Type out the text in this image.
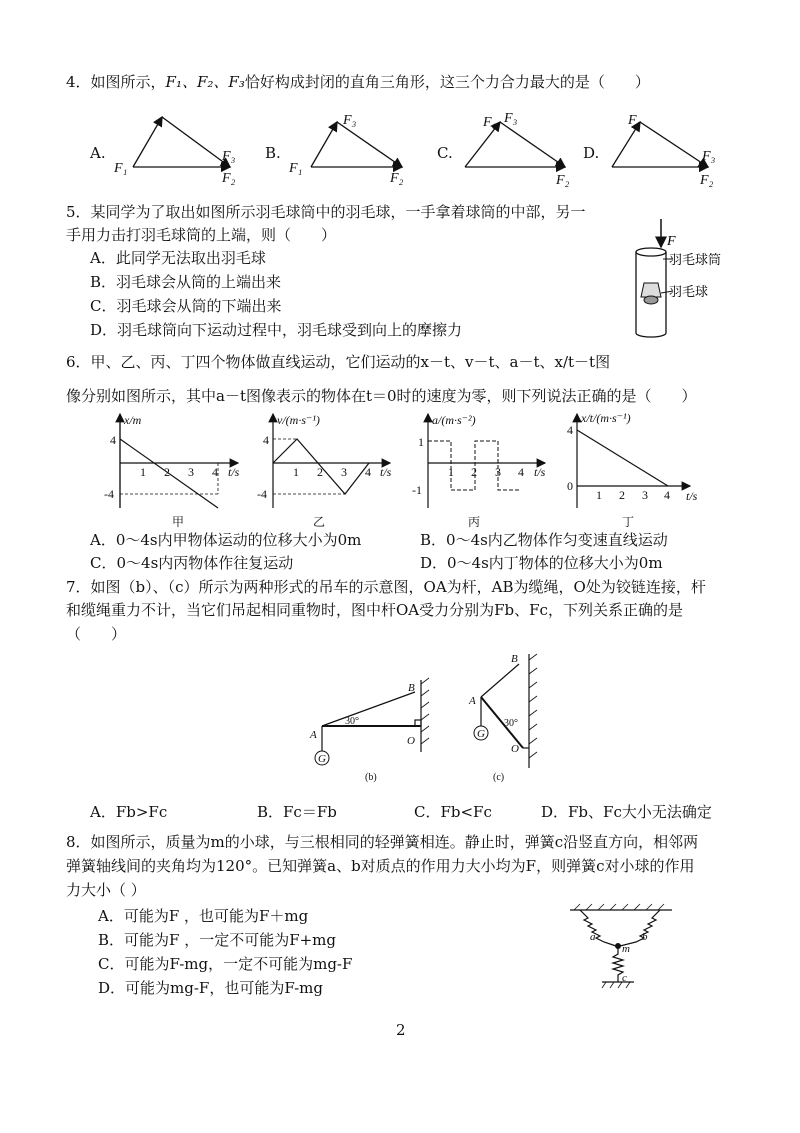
4．如图所示，F₁、F₂、F₃恰好构成封闭的直角三角形，这三个力合力最大的是（　　）
A.	B.	C.	D.
F₁
F₃
F₂
F₃
F₁
F₂
F₁ F₃
F₂
F₁
F₃
F₂
5．某同学为了取出如图所示羽毛球筒中的羽毛球，一手拿着球筒的中部，另一
手用力击打羽毛球筒的上端，则（　　）
A．此同学无法取出羽毛球
B．羽毛球会从筒的上端出来
C．羽毛球会从筒的下端出来
D．羽毛球筒向下运动过程中，羽毛球受到向上的摩擦力
F
羽毛球筒
羽毛球
6．甲、乙、丙、丁四个物体做直线运动，它们运动的x－t、v－t、a－t、x/t－t图
像分别如图所示，其中a－t图像表示的物体在t＝0时的速度为零，则下列说法正确的是（　　）
x/m
4
-4
1 2 3 4 t/s
甲
v/(m·s⁻¹)
4
-4
1 2 3 4 t/s
乙
a/(m·s⁻²)
1
-1
1 2 3 4 t/s
丙
x/t/(m·s⁻¹)
4
0
1 2 3 4 t/s
丁
A．0～4s内甲物体运动的位移大小为0m	B．0～4s内乙物体作匀变速直线运动
C．0～4s内丙物体作往复运动	D．0～4s内丁物体的位移大小为0m
7．如图（b）、（c）所示为两种形式的吊车的示意图，OA为杆，AB为缆绳，O处为铰链连接，杆
和缆绳重力不计，当它们吊起相同重物时，图中杆OA受力分别为Fb、Fc，下列关系正确的是
（　　）
A
B
O
G
A
B
O
G
30°	30°
(b)	(c)
A．Fb>Fc	B．Fc＝Fb	C．Fb<Fc	D．Fb、Fc大小无法确定
8．如图所示，质量为m的小球，与三根相同的轻弹簧相连。静止时，弹簧c沿竖直方向，相邻两
弹簧轴线间的夹角均为120°。已知弹簧a、b对质点的作用力大小均为F，则弹簧c对小球的作用
力大小（ ）
A．可能为F ，也可能为F＋mg
B．可能为F ，一定不可能为F+mg
C．可能为F-mg，一定不可能为mg-F
D．可能为mg-F，也可能为F-mg
a	b
m
c
2
